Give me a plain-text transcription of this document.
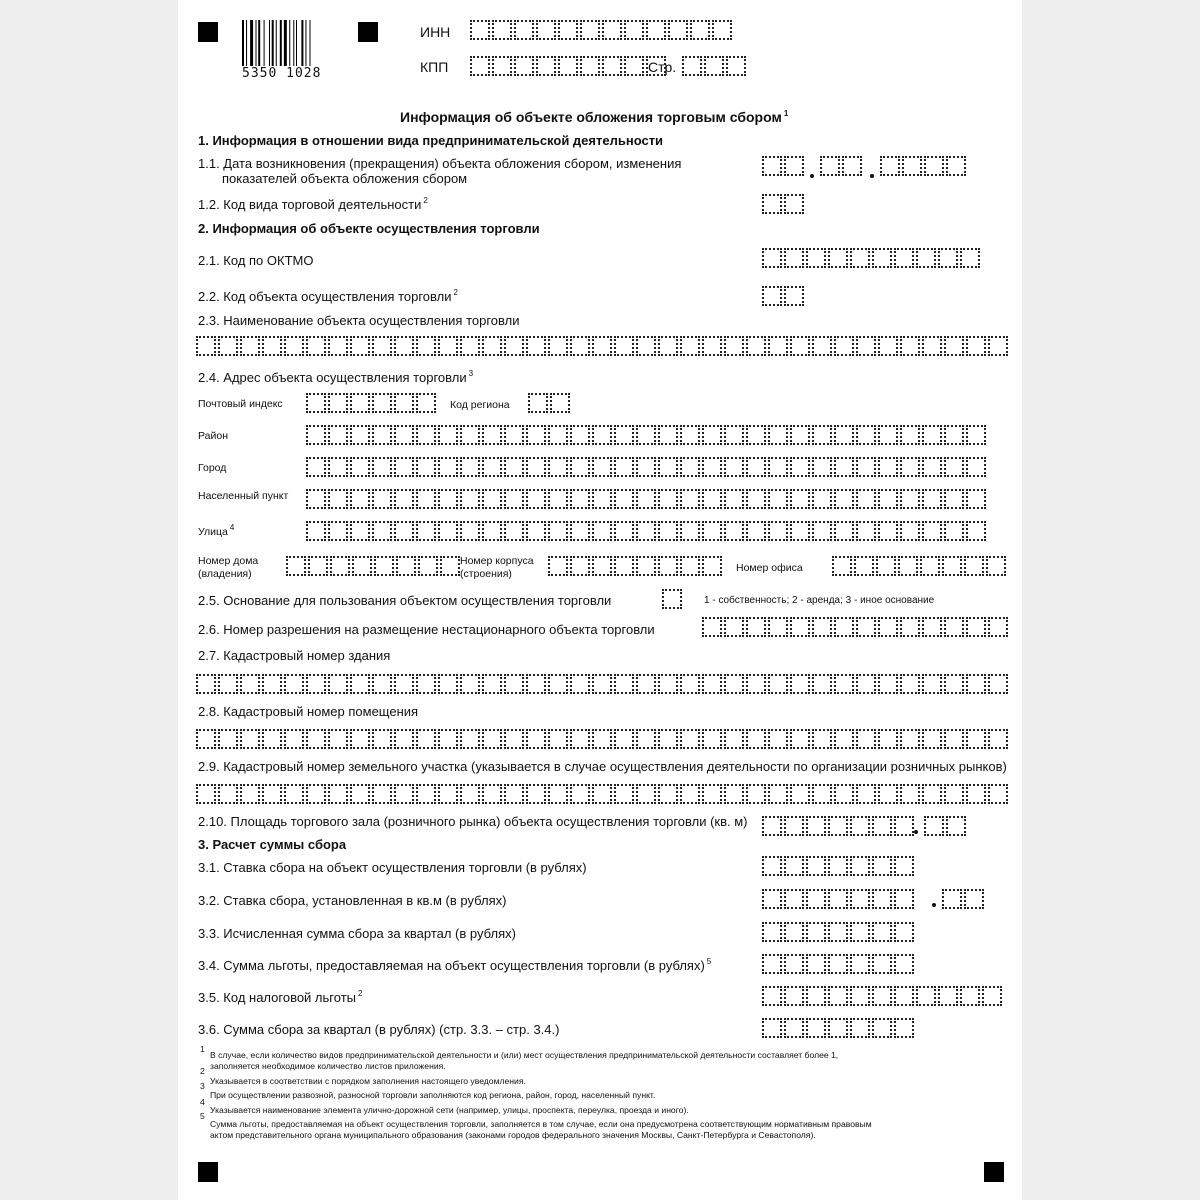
5350 1028
ИНН
КПП	Стр.
Информация об объекте обложения торговым сбором $^1$
1. Информация в отношении вида предпринимательской деятельности
1.1. Дата возникновения (прекращения) объекта обложения сбором, изменения
показателей объекта обложения сбором
1.2. Код вида торговой деятельности $^2$
2. Информация об объекте осуществления торговли
2.1. Код по ОКТМО
2.2. Код объекта осуществления торговли $^2$
2.3. Наименование объекта осуществления торговли
2.4. Адрес объекта осуществления торговли $^3$
Почтовый индекс	Код региона
Район
Город
Населенный пункт
Улица $^4$
Номер дома
(владения)
Номер корпуса
(строения)	Номер офиса
2.5. Основание для пользования объектом осуществления торговли	1 - собственность; 2 - аренда; 3 - иное основание
2.6. Номер разрешения на размещение нестационарного объекта торговли
2.7. Кадастровый номер здания
2.8. Кадастровый номер помещения
2.9. Кадастровый номер земельного участка (указывается в случае осуществления деятельности по организации розничных рынков)
2.10. Площадь торгового зала (розничного рынка) объекта осуществления торговли (кв. м)
3. Расчет суммы сбора
3.1. Ставка сбора на объект осуществления торговли (в рублях)
3.2. Ставка сбора, установленная в кв.м (в рублях)
3.3. Исчисленная сумма сбора за квартал (в рублях)
3.4. Сумма льготы, предоставляемая на объект осуществления торговли (в рублях) $^5$
3.5. Код налоговой льготы $^2$
3.6. Сумма сбора за квартал (в рублях) (стр. 3.3. – стр. 3.4.)
1
В случае, если количество видов предпринимательской деятельности и (или) мест осуществления предпринимательской деятельности составляет более 1,
заполняется необходимое количество листов приложения.
2
Указывается в соответствии с порядком заполнения настоящего уведомления.
3
При осуществлении развозной, разносной торговли заполняются код региона, район, город, населенный пункт.
4
Указывается наименование элемента улично-дорожной сети (например, улицы, проспекта, переулка, проезда и иного).
5
Сумма льготы, предоставляемая на объект осуществления торговли, заполняется в том случае, если она предусмотрена соответствующим нормативным правовым
актом представительного органа муниципального образования (законами городов федерального значения Москвы, Санкт-Петербурга и Севастополя).
